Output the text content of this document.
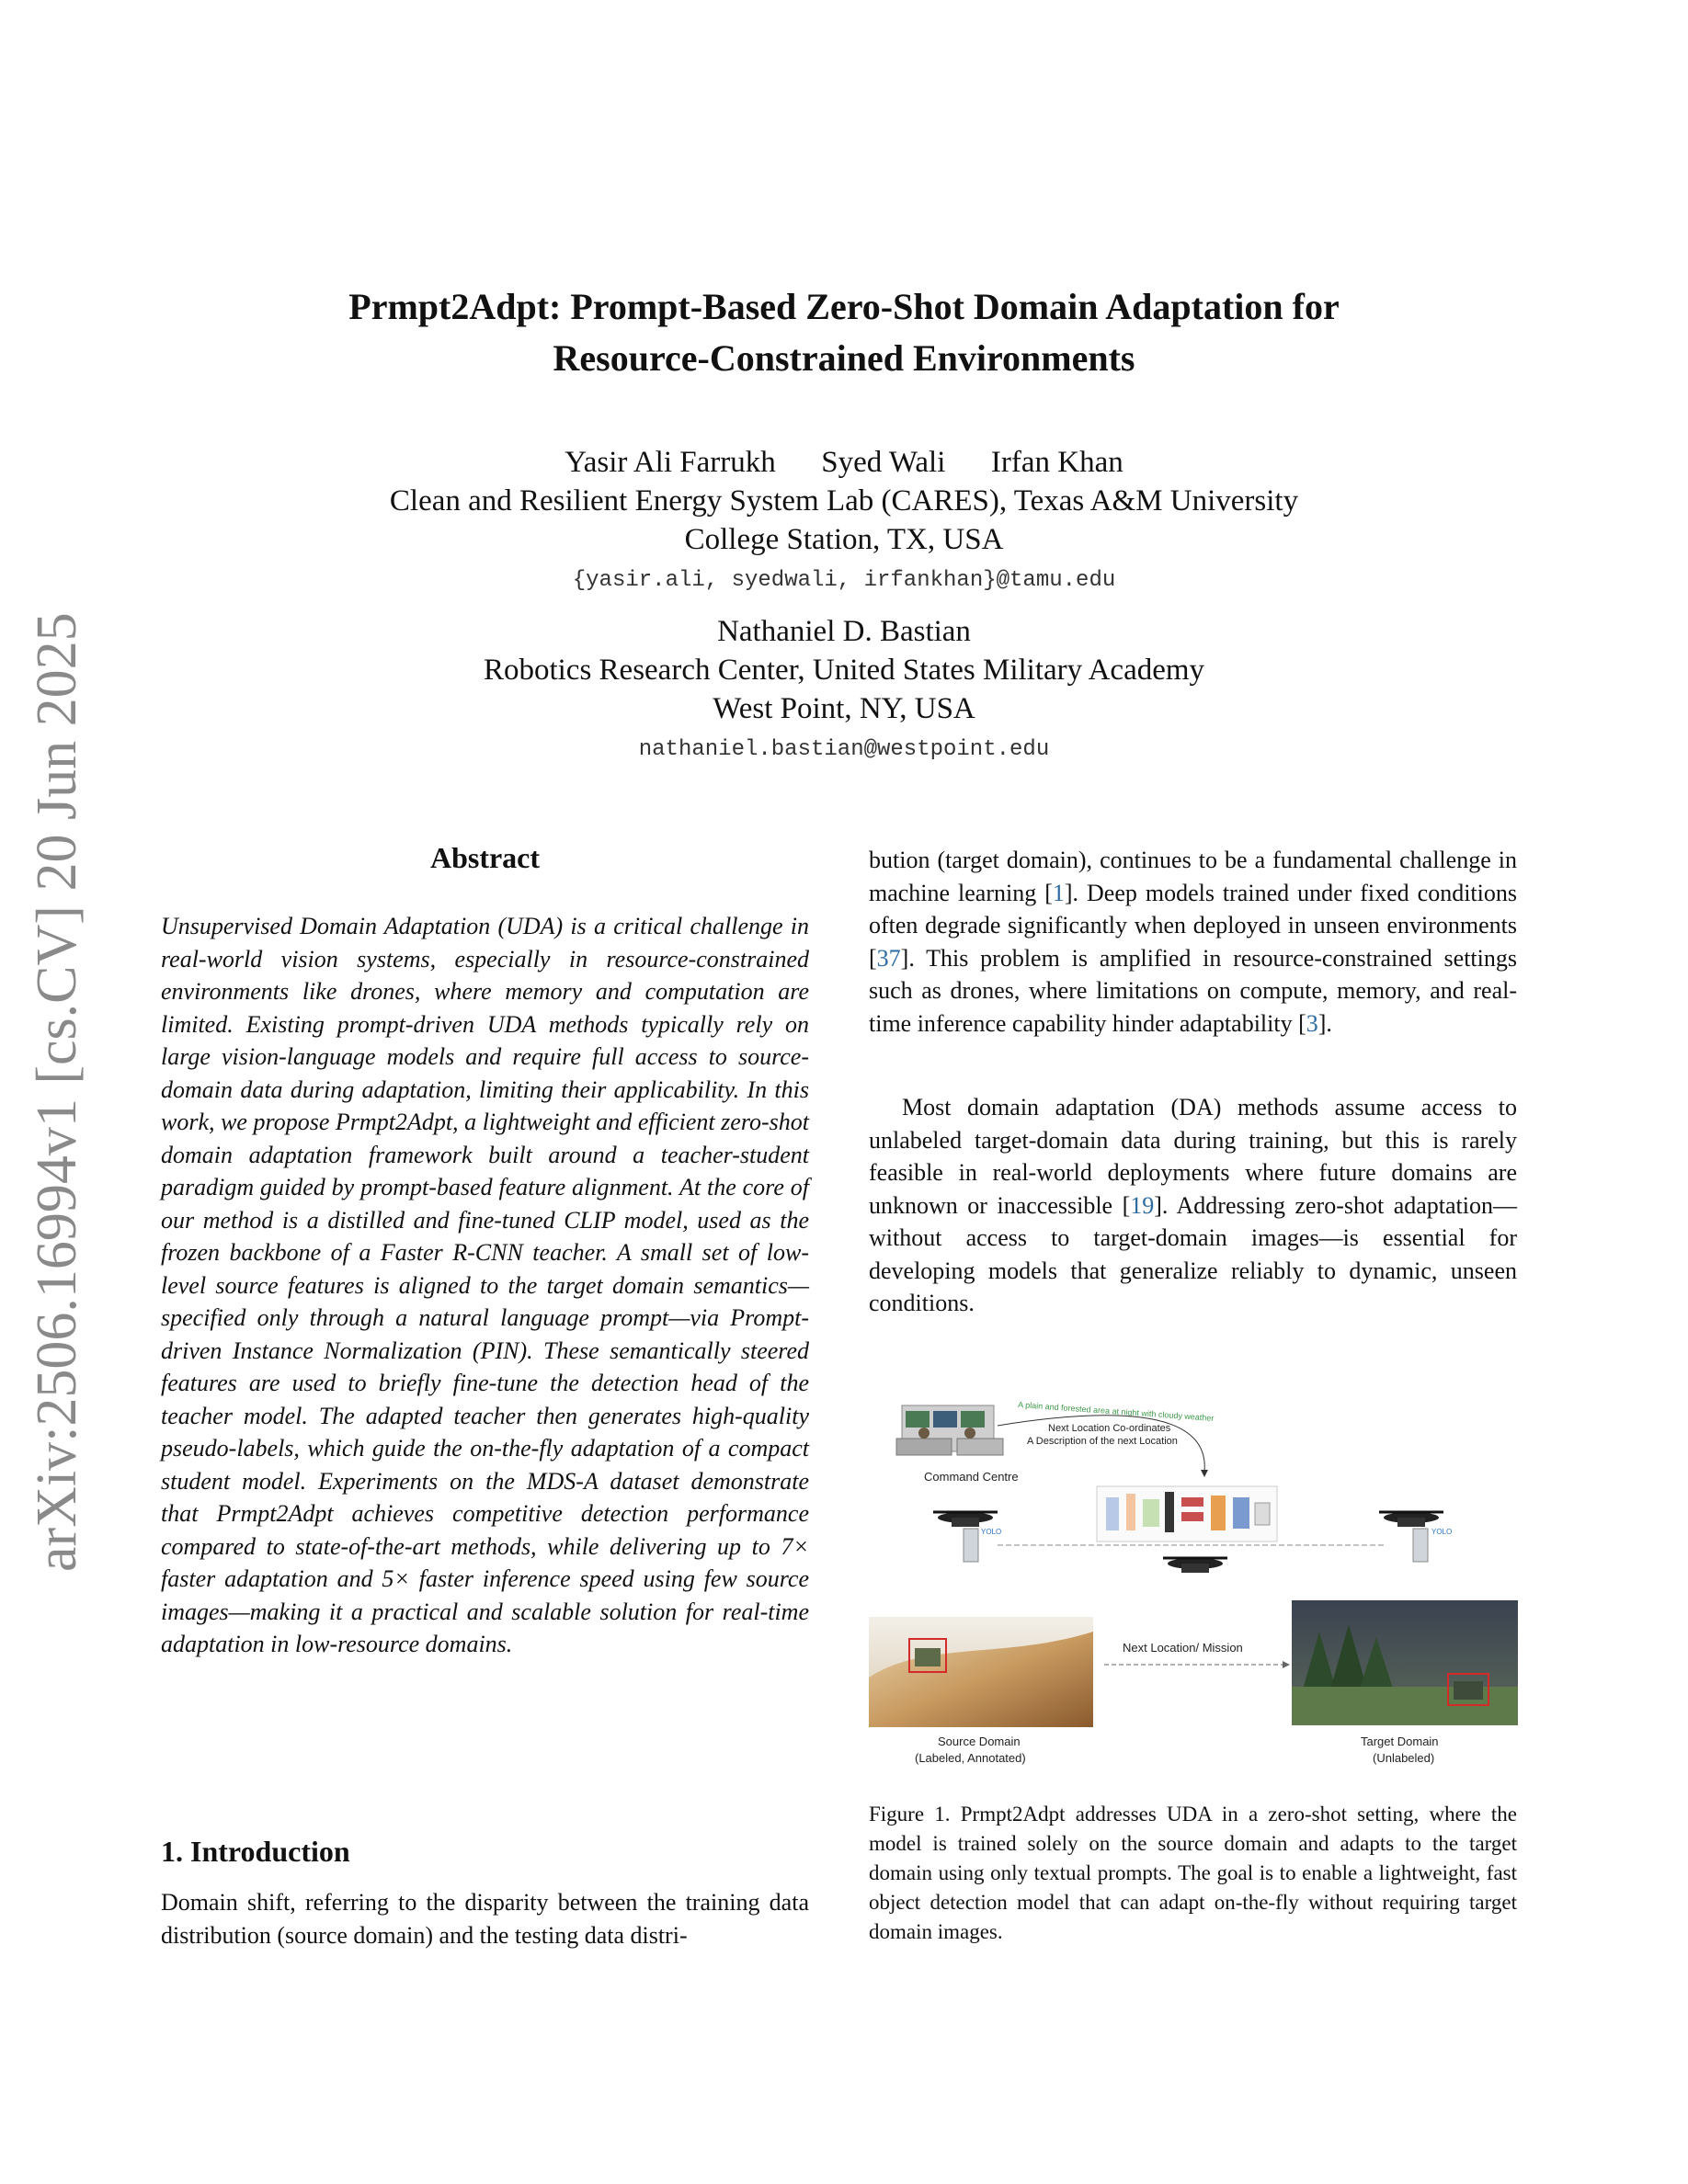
arXiv:2506.16994v1 [cs.CV] 20 Jun 2025
Prmpt2Adpt: Prompt-Based Zero-Shot Domain Adaptation for
Resource-Constrained Environments
Yasir Ali Farrukh      Syed Wali      Irfan Khan
Clean and Resilient Energy System Lab (CARES), Texas A&M University
College Station, TX, USA
{yasir.ali, syedwali, irfankhan}@tamu.edu
Nathaniel D. Bastian
Robotics Research Center, United States Military Academy
West Point, NY, USA
nathaniel.bastian@westpoint.edu
Abstract
Unsupervised Domain Adaptation (UDA) is a critical challenge in real-world vision systems, especially in resource-constrained environments like drones, where memory and computation are limited. Existing prompt-driven UDA methods typically rely on large vision-language models and require full access to source-domain data during adaptation, limiting their applicability. In this work, we propose Prmpt2Adpt, a lightweight and efficient zero-shot domain adaptation framework built around a teacher-student paradigm guided by prompt-based feature alignment. At the core of our method is a distilled and fine-tuned CLIP model, used as the frozen backbone of a Faster R-CNN teacher. A small set of low-level source features is aligned to the target domain semantics—specified only through a natural language prompt—via Prompt-driven Instance Normalization (PIN). These semantically steered features are used to briefly fine-tune the detection head of the teacher model. The adapted teacher then generates high-quality pseudo-labels, which guide the on-the-fly adaptation of a compact student model. Experiments on the MDS-A dataset demonstrate that Prmpt2Adpt achieves competitive detection performance compared to state-of-the-art methods, while delivering up to 7× faster adaptation and 5× faster inference speed using few source images—making it a practical and scalable solution for real-time adaptation in low-resource domains.
1. Introduction
Domain shift, referring to the disparity between the training data distribution (source domain) and the testing data distri-
bution (target domain), continues to be a fundamental challenge in machine learning [1]. Deep models trained under fixed conditions often degrade significantly when deployed in unseen environments [37]. This problem is amplified in resource-constrained settings such as drones, where limitations on compute, memory, and real-time inference capability hinder adaptability [3].
Most domain adaptation (DA) methods assume access to unlabeled target-domain data during training, but this is rarely feasible in real-world deployments where future domains are unknown or inaccessible [19]. Addressing zero-shot adaptation—without access to target-domain images—is essential for developing models that generalize reliably to dynamic, unseen conditions.
Command Centre
A plain and forested area at night with cloudy weather
Next Location Co-ordinates
A Description of the next Location
YOLO	YOLO
Source Domain
(Labeled, Annotated)
Next Location/ Mission
Target Domain
(Unlabeled)
Figure 1. Prmpt2Adpt addresses UDA in a zero-shot setting, where the model is trained solely on the source domain and adapts to the target domain using only textual prompts. The goal is to enable a lightweight, fast object detection model that can adapt on-the-fly without requiring target domain images.
